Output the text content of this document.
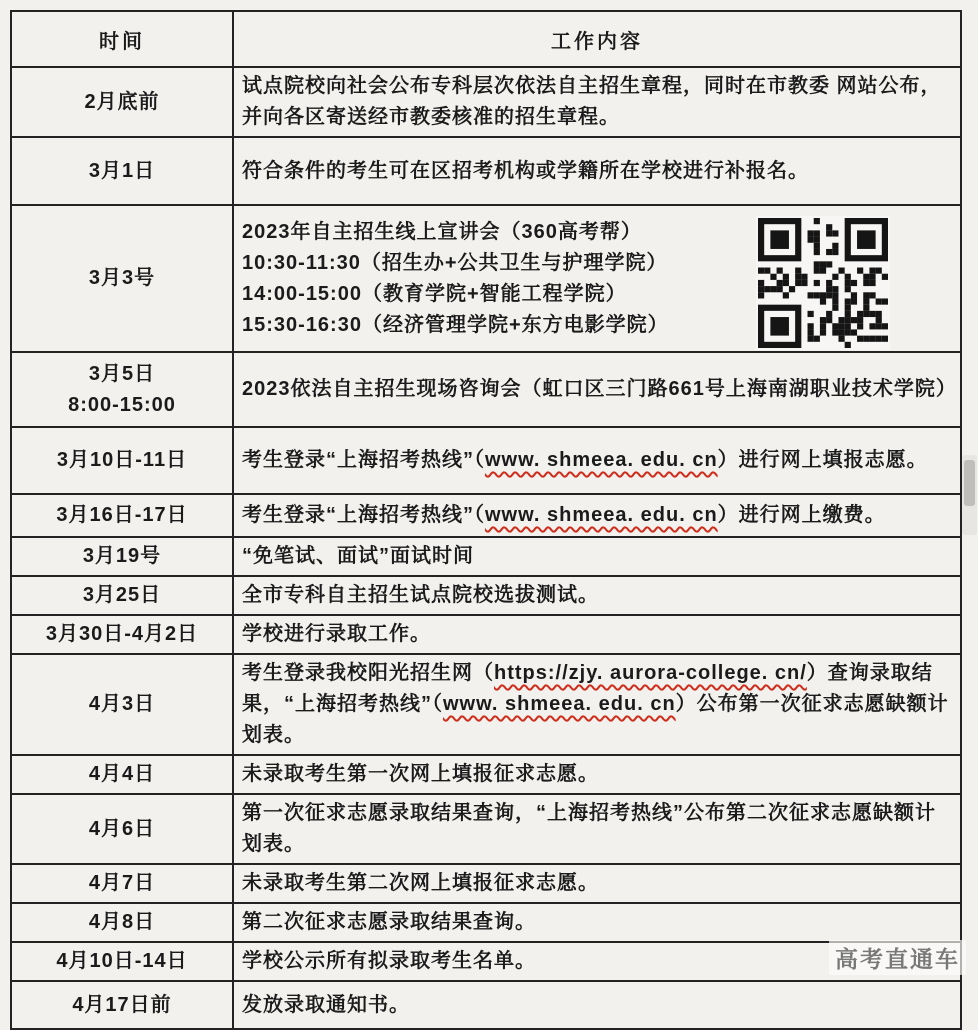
时间	工作内容

2月底前	试点院校向社会公布专科层次依法自主招生章程，同时在市教委 网站公布，并向各区寄送经市教委核准的招生章程。

3月1日	符合条件的考生可在区招考机构或学籍所在学校进行补报名。

3月3号	2023年自主招生线上宣讲会（360高考帮）
10:30-11:30（招生办+公共卫生与护理学院）
14:00-15:00（教育学院+智能工程学院）
15:30-16:30（经济管理学院+东方电影学院）

3月5日
8:00-15:00	2023依法自主招生现场咨询会（虹口区三门路661号上海南湖职业技术学院）

3月10日-11日	考生登录“上海招考热线”（www. shmeea. edu. cn）进行网上填报志愿。

3月16日-17日	考生登录“上海招考热线”（www. shmeea. edu. cn）进行网上缴费。

3月19号	“免笔试、面试”面试时间

3月25日	全市专科自主招生试点院校选拔测试。

3月30日-4月2日	学校进行录取工作。

4月3日	考生登录我校阳光招生网（https://zjy. aurora-college. cn/）查询录取结果，“上海招考热线”（www. shmeea. edu. cn）公布第一次征求志愿缺额计划表。

4月4日	未录取考生第一次网上填报征求志愿。

4月6日	第一次征求志愿录取结果查询，“上海招考热线”公布第二次征求志愿缺额计划表。

4月7日	未录取考生第二次网上填报征求志愿。

4月8日	第二次征求志愿录取结果查询。

4月10日-14日	学校公示所有拟录取考生名单。

4月17日前	发放录取通知书。
高考直通车
